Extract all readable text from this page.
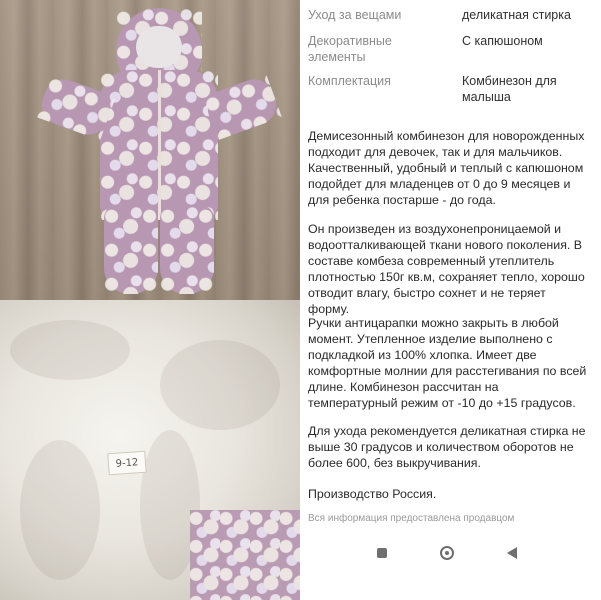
9-12
Уход за вещами	деликатная стирка
Декоративные
элементы
С капюшоном
Комплектация	Комбинезон для
малыша
Демисезонный комбинезон для новорожденных подходит для девочек, так и для мальчиков. Качественный, удобный и теплый с капюшоном подойдет для младенцев от 0 до 9 месяцев и для ребенка постарше - до года.
Он произведен из воздухонепроницаемой и водоотталкивающей ткани нового поколения. В составе комбеза современный утеплитель плотностью 150г кв.м, сохраняет тепло, хорошо отводит влагу, быстро сохнет и не теряет форму.
Ручки антицарапки можно закрыть в любой момент. Утепленное изделие выполнено с подкладкой из 100% хлопка. Имеет две комфортные молнии для расстегивания по всей длине. Комбинезон рассчитан на температурный режим от -10 до +15 градусов.
Для ухода рекомендуется деликатная стирка не выше 30 градусов и количеством оборотов не более 600, без выкручивания.
Производство Россия.
Вся информация предоставлена продавцом
